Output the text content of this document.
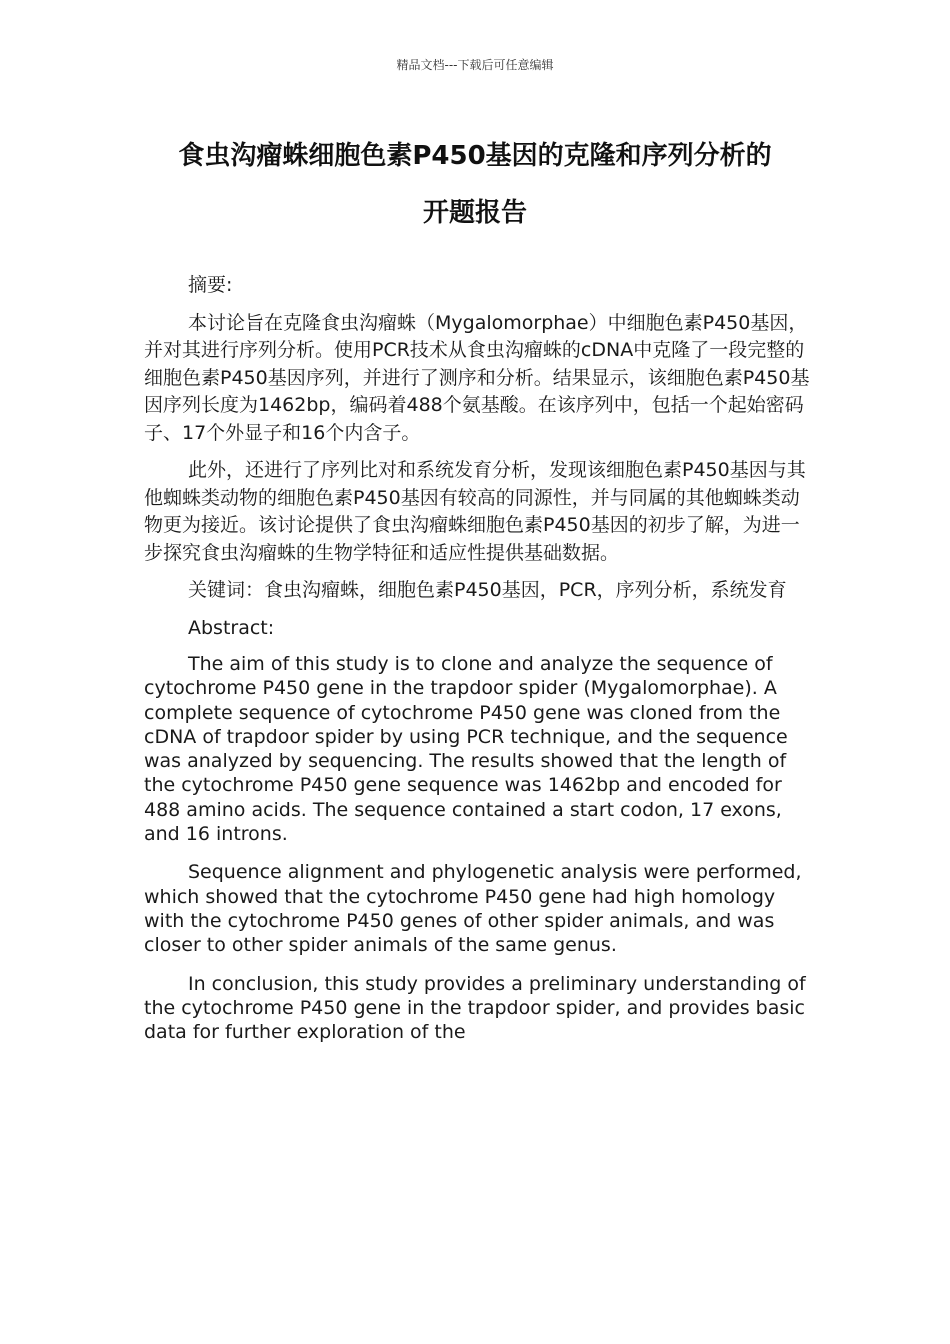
精品文档---下载后可任意编辑
食虫沟瘤蛛细胞色素P450基因的克隆和序列分析的
开题报告

摘要:

本讨论旨在克隆食虫沟瘤蛛（Mygalomorphae）中细胞色素P450基因，并对其进行序列分析。使用PCR技术从食虫沟瘤蛛的cDNA中克隆了一段完整的细胞色素P450基因序列，并进行了测序和分析。结果显示，该细胞色素P450基因序列长度为1462bp，编码着488个氨基酸。在该序列中，包括一个起始密码子、17个外显子和16个内含子。

此外，还进行了序列比对和系统发育分析，发现该细胞色素P450基因与其他蜘蛛类动物的细胞色素P450基因有较高的同源性，并与同属的其他蜘蛛类动物更为接近。该讨论提供了食虫沟瘤蛛细胞色素P450基因的初步了解，为进一步探究食虫沟瘤蛛的生物学特征和适应性提供基础数据。

关键词：食虫沟瘤蛛，细胞色素P450基因，PCR，序列分析，系统发育

Abstract:

The aim of this study is to clone and analyze the sequence of cytochrome P450 gene in the trapdoor spider (Mygalomorphae). A complete sequence of cytochrome P450 gene was cloned from the cDNA of trapdoor spider by using PCR technique, and the sequence was analyzed by sequencing. The results showed that the length of the cytochrome P450 gene sequence was 1462bp and encoded for 488 amino acids. The sequence contained a start codon, 17 exons, and 16 introns.

Sequence alignment and phylogenetic analysis were performed, which showed that the cytochrome P450 gene had high homology with the cytochrome P450 genes of other spider animals, and was closer to other spider animals of the same genus.

In conclusion, this study provides a preliminary understanding of the cytochrome P450 gene in the trapdoor spider, and provides basic data for further exploration of the
